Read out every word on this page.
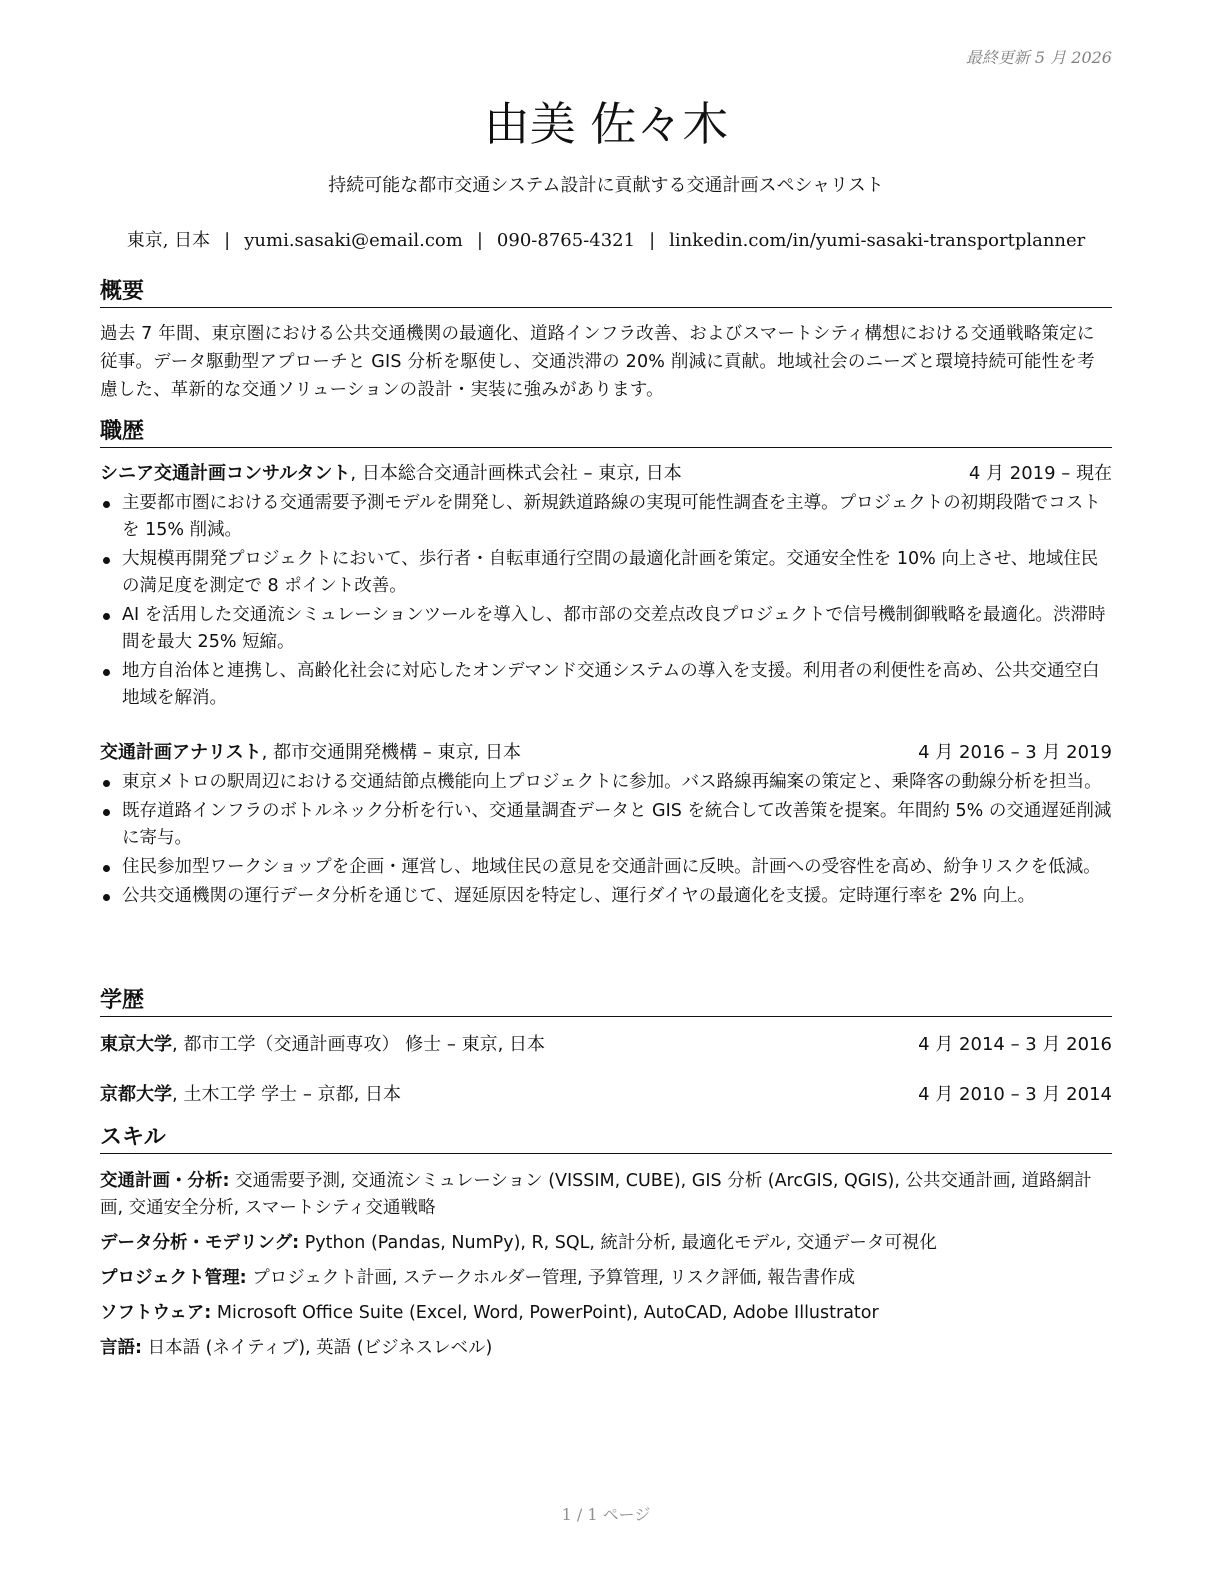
最終更新 5 月 2026
由美 佐々木
持続可能な都市交通システム設計に貢献する交通計画スペシャリスト
東京, 日本 | yumi.sasaki@email.com | 090-8765-4321 | linkedin.com/in/yumi-sasaki-transportplanner
概要

過去 7 年間、東京圏における公共交通機関の最適化、道路インフラ改善、およびスマートシティ構想における交通戦略策定に従事。データ駆動型アプローチと GIS 分析を駆使し、交通渋滞の 20% 削減に貢献。地域社会のニーズと環境持続可能性を考慮した、革新的な交通ソリューションの設計・実装に強みがあります。

職歴
シニア交通計画コンサルタント, 日本総合交通計画株式会社 – 東京, 日本	4 月 2019 – 現在
主要都市圏における交通需要予測モデルを開発し、新規鉄道路線の実現可能性調査を主導。プロジェクトの初期段階でコストを 15% 削減。
大規模再開発プロジェクトにおいて、歩行者・自転車通行空間の最適化計画を策定。交通安全性を 10% 向上させ、地域住民の満足度を測定で 8 ポイント改善。
AI を活用した交通流シミュレーションツールを導入し、都市部の交差点改良プロジェクトで信号機制御戦略を最適化。渋滞時間を最大 25% 短縮。
地方自治体と連携し、高齢化社会に対応したオンデマンド交通システムの導入を支援。利用者の利便性を高め、公共交通空白地域を解消。
交通計画アナリスト, 都市交通開発機構 – 東京, 日本	4 月 2016 – 3 月 2019
東京メトロの駅周辺における交通結節点機能向上プロジェクトに参加。バス路線再編案の策定と、乗降客の動線分析を担当。
既存道路インフラのボトルネック分析を行い、交通量調査データと GIS を統合して改善策を提案。年間約 5% の交通遅延削減に寄与。
住民参加型ワークショップを企画・運営し、地域住民の意見を交通計画に反映。計画への受容性を高め、紛争リスクを低減。
公共交通機関の運行データ分析を通じて、遅延原因を特定し、運行ダイヤの最適化を支援。定時運行率を 2% 向上。
学歴
東京大学, 都市工学（交通計画専攻） 修士 – 東京, 日本	4 月 2014 – 3 月 2016
京都大学, 土木工学 学士 – 京都, 日本	4 月 2010 – 3 月 2014
スキル
交通計画・分析: 交通需要予測, 交通流シミュレーション (VISSIM, CUBE), GIS 分析 (ArcGIS, QGIS), 公共交通計画, 道路網計画, 交通安全分析, スマートシティ交通戦略
データ分析・モデリング: Python (Pandas, NumPy), R, SQL, 統計分析, 最適化モデル, 交通データ可視化
プロジェクト管理: プロジェクト計画, ステークホルダー管理, 予算管理, リスク評価, 報告書作成
ソフトウェア: Microsoft Office Suite (Excel, Word, PowerPoint), AutoCAD, Adobe Illustrator
言語: 日本語 (ネイティブ), 英語 (ビジネスレベル)
1 / 1 ページ
